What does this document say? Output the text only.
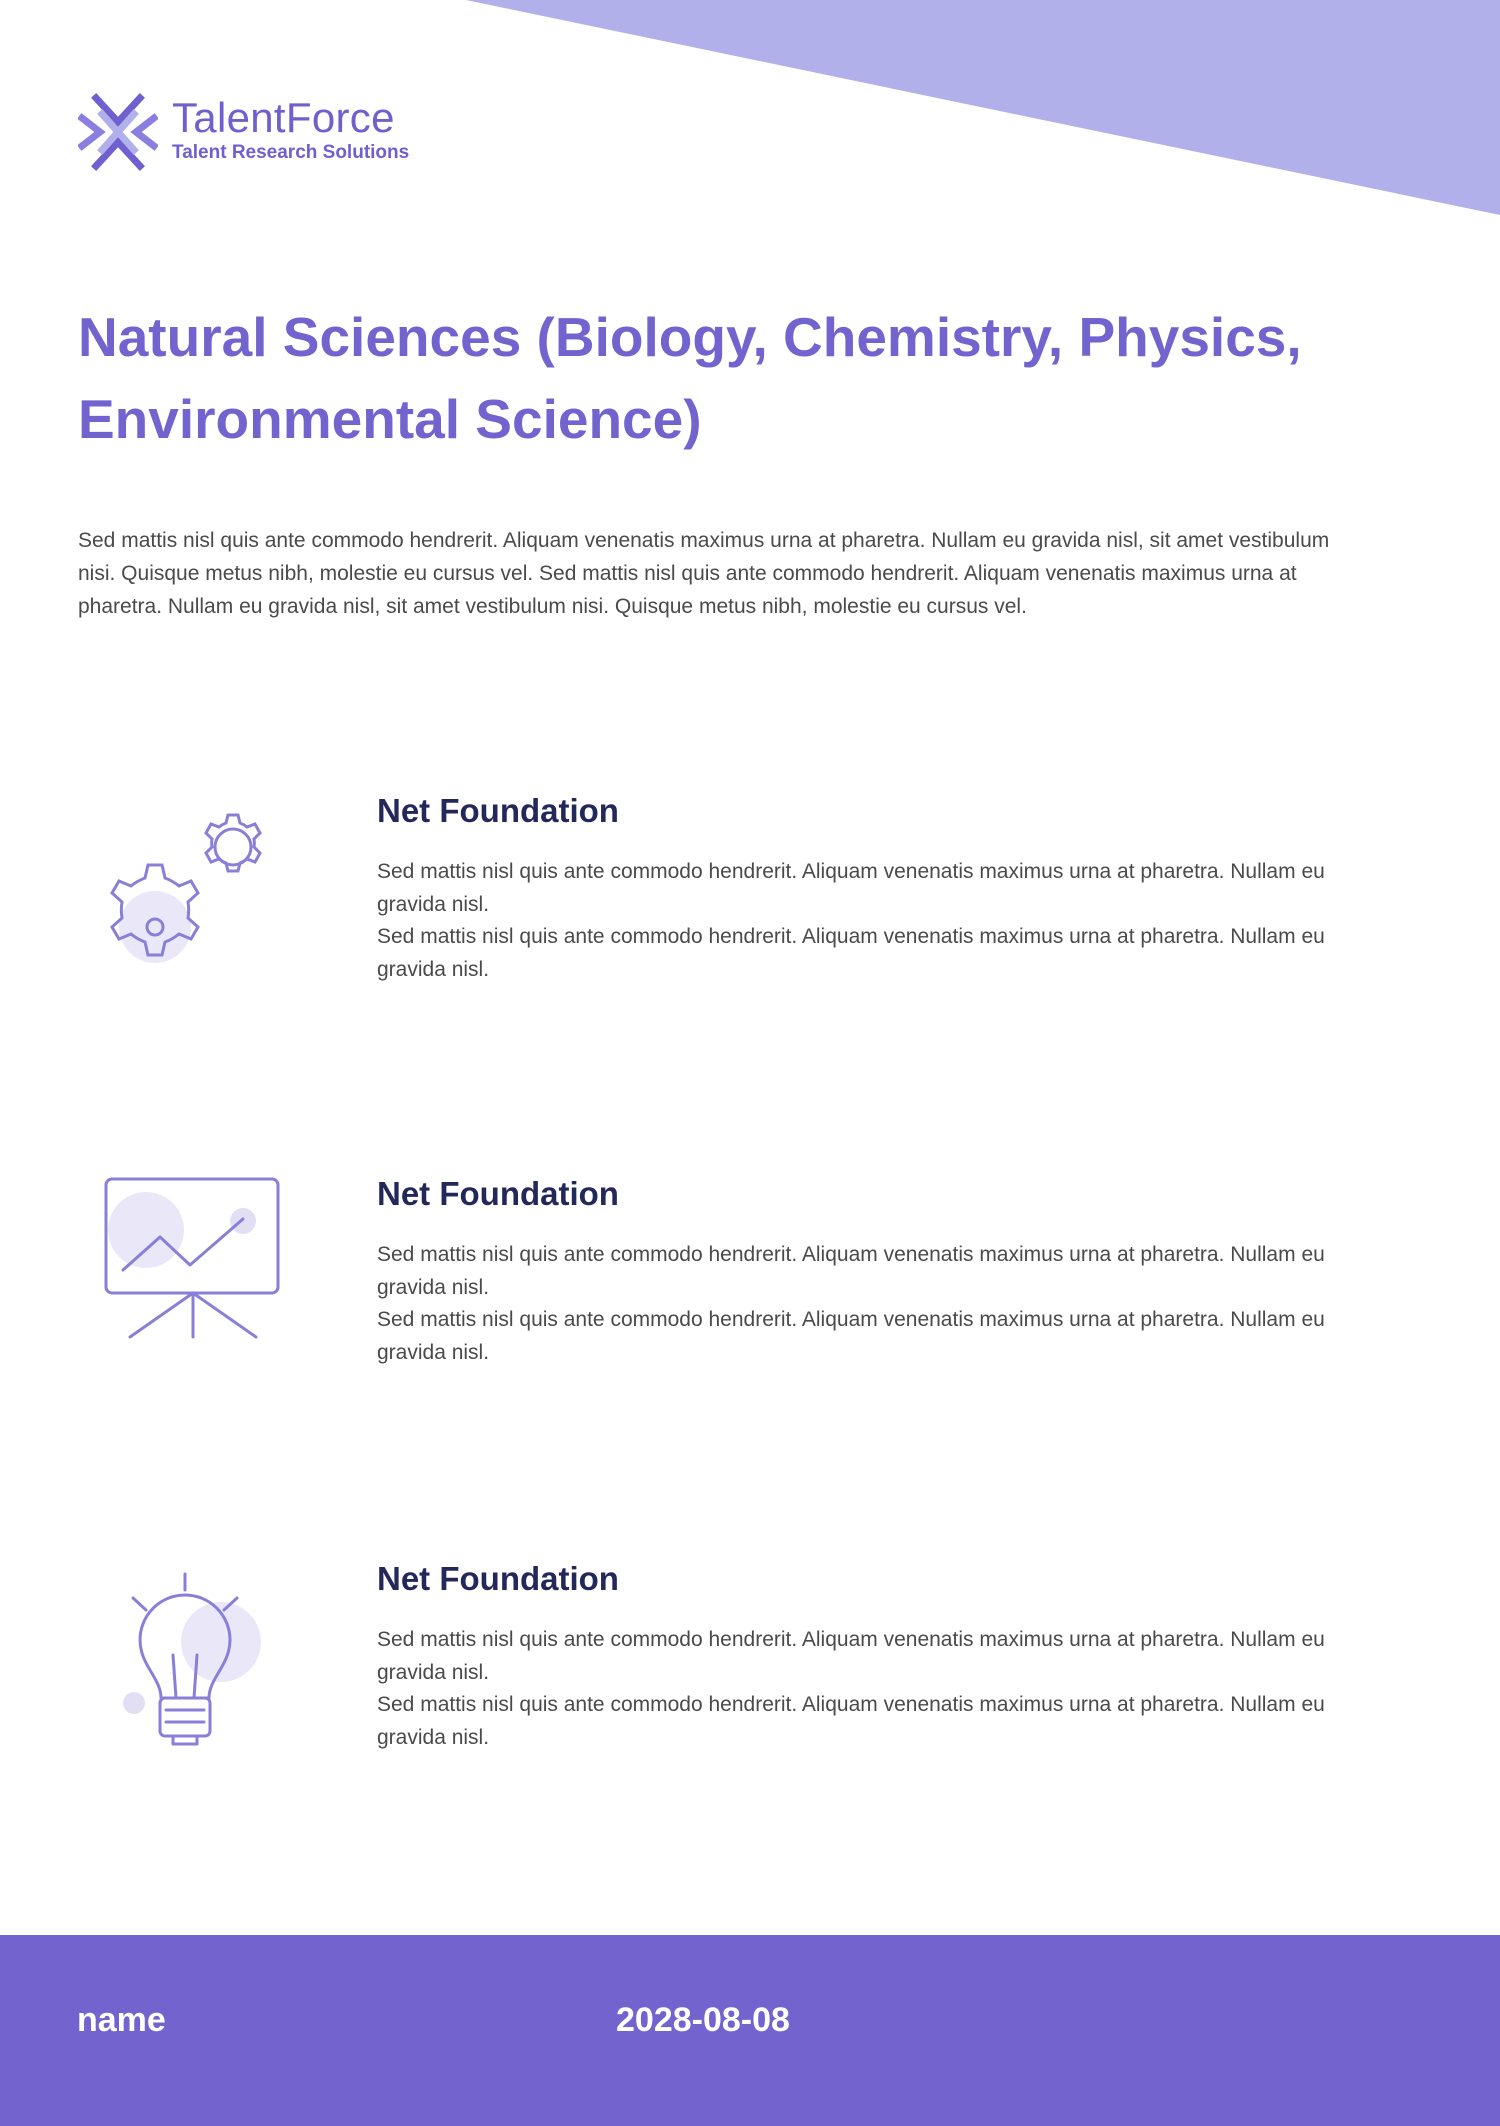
TalentForce
Talent Research Solutions
Natural Sciences (Biology, Chemistry, Physics, Environmental Science)

Sed mattis nisl quis ante commodo hendrerit. Aliquam venenatis maximus urna at pharetra. Nullam eu gravida nisl, sit amet vestibulum nisi. Quisque metus nibh, molestie eu cursus vel. Sed mattis nisl quis ante commodo hendrerit. Aliquam venenatis maximus urna at pharetra. Nullam eu gravida nisl, sit amet vestibulum nisi. Quisque metus nibh, molestie eu cursus vel.

Net Foundation

Sed mattis nisl quis ante commodo hendrerit. Aliquam venenatis maximus urna at pharetra. Nullam eu gravida nisl.
Sed mattis nisl quis ante commodo hendrerit. Aliquam venenatis maximus urna at pharetra. Nullam eu gravida nisl.

Net Foundation

Sed mattis nisl quis ante commodo hendrerit. Aliquam venenatis maximus urna at pharetra. Nullam eu gravida nisl.
Sed mattis nisl quis ante commodo hendrerit. Aliquam venenatis maximus urna at pharetra. Nullam eu gravida nisl.

Net Foundation

Sed mattis nisl quis ante commodo hendrerit. Aliquam venenatis maximus urna at pharetra. Nullam eu gravida nisl.
Sed mattis nisl quis ante commodo hendrerit. Aliquam venenatis maximus urna at pharetra. Nullam eu gravida nisl.

name	2028-08-08
